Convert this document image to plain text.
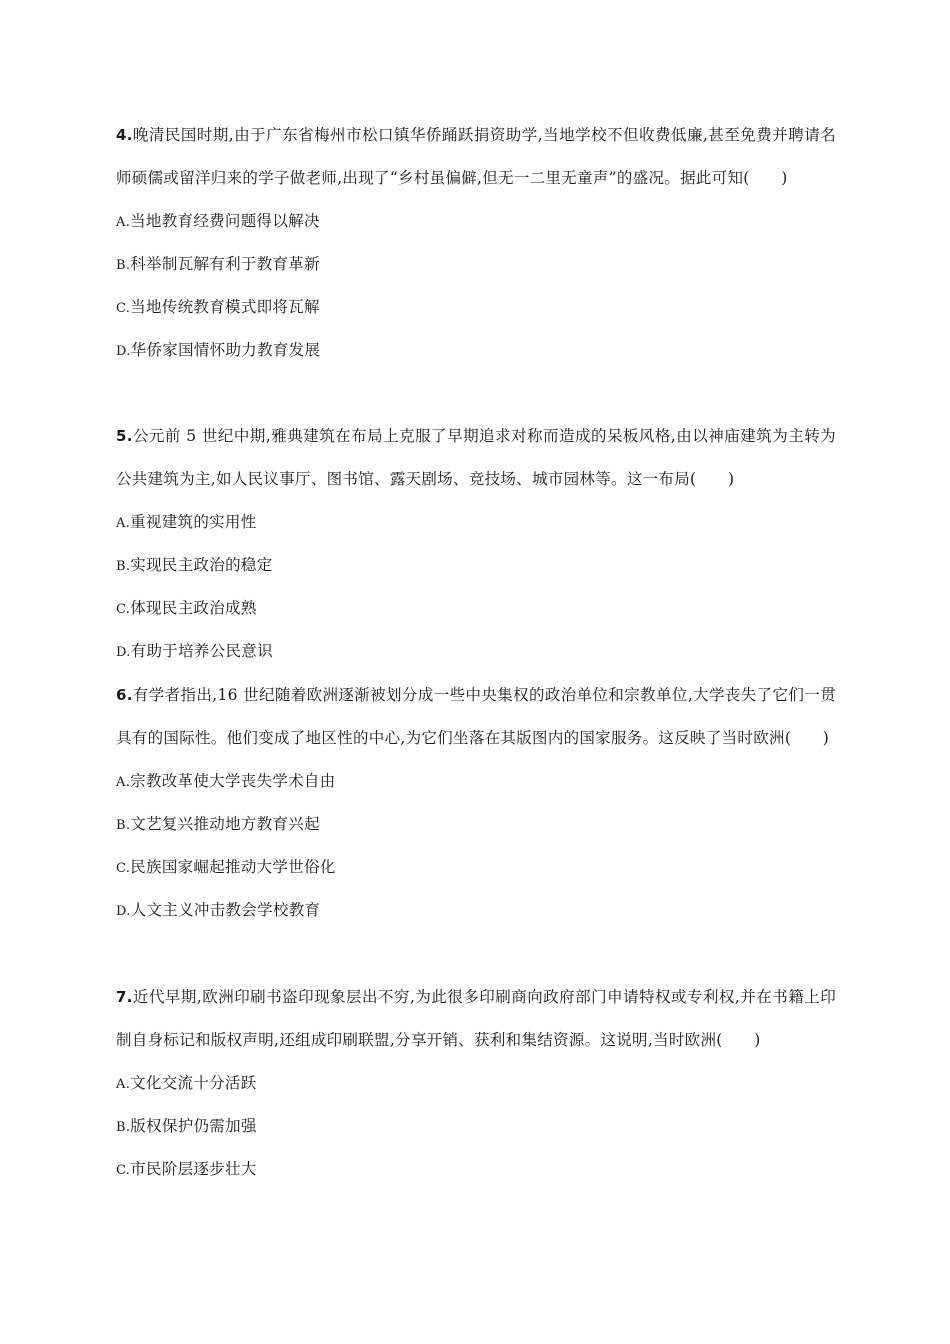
4.晚清民国时期,由于广东省梅州市松口镇华侨踊跃捐资助学,当地学校不但收费低廉,甚至免费并聘请名师硕儒或留洋归来的学子做老师,出现了“乡村虽偏僻,但无一二里无童声”的盛况。据此可知(　　)

A.当地教育经费问题得以解决
B.科举制瓦解有利于教育革新
C.当地传统教育模式即将瓦解
D.华侨家国情怀助力教育发展

5.公元前 5 世纪中期,雅典建筑在布局上克服了早期追求对称而造成的呆板风格,由以神庙建筑为主转为公共建筑为主,如人民议事厅、图书馆、露天剧场、竞技场、城市园林等。这一布局(　　)

A.重视建筑的实用性
B.实现民主政治的稳定
C.体现民主政治成熟
D.有助于培养公民意识

6.有学者指出,16 世纪随着欧洲逐渐被划分成一些中央集权的政治单位和宗教单位,大学丧失了它们一贯具有的国际性。他们变成了地区性的中心,为它们坐落在其版图内的国家服务。这反映了当时欧洲(　　)

A.宗教改革使大学丧失学术自由
B.文艺复兴推动地方教育兴起
C.民族国家崛起推动大学世俗化
D.人文主义冲击教会学校教育

7.近代早期,欧洲印刷书盗印现象层出不穷,为此很多印刷商向政府部门申请特权或专利权,并在书籍上印制自身标记和版权声明,还组成印刷联盟,分享开销、获利和集结资源。这说明,当时欧洲(　　)

A.文化交流十分活跃
B.版权保护仍需加强
C.市民阶层逐步壮大
